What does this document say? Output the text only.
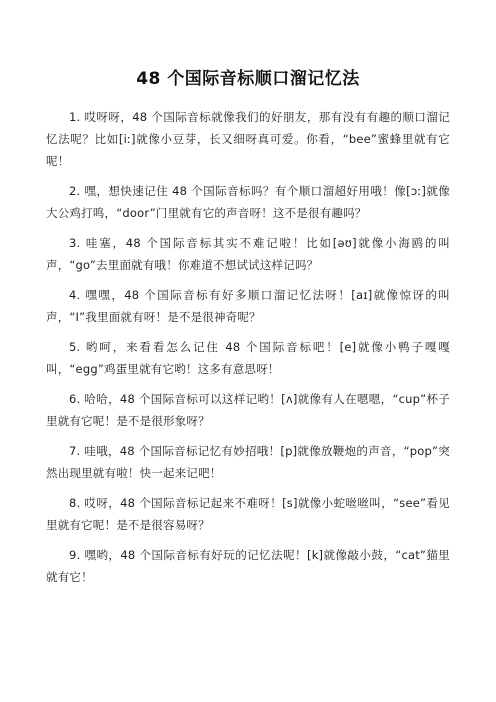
48 个国际音标顺口溜记忆法

1. 哎呀呀，48 个国际音标就像我们的好朋友，那有没有有趣的顺口溜记忆法呢？比如[iː]就像小豆芽，长又细呀真可爱。你看，“bee”蜜蜂里就有它呢！

2. 嘿，想快速记住 48 个国际音标吗？有个顺口溜超好用哦！像[ɔː]就像大公鸡打鸣，“door”门里就有它的声音呀！这不是很有趣吗？

3. 哇塞，48 个国际音标其实不难记啦！比如[əʊ]就像小海鸥的叫声，“go”去里面就有哦！你难道不想试试这样记吗？

4. 嘿嘿，48 个国际音标有好多顺口溜记忆法呀！[aɪ]就像惊讶的叫声，“I”我里面就有呀！是不是很神奇呢？

5. 哟呵，来看看怎么记住 48 个国际音标吧！[e]就像小鸭子嘎嘎叫，“egg”鸡蛋里就有它哟！这多有意思呀！

6. 哈哈，48 个国际音标可以这样记哟！[ʌ]就像有人在嗯嗯，“cup”杯子里就有它呢！是不是很形象呀？

7. 哇哦，48 个国际音标记忆有妙招哦！[p]就像放鞭炮的声音，“pop”突然出现里就有啦！快一起来记吧！

8. 哎呀，48 个国际音标记起来不难呀！[s]就像小蛇咝咝叫，“see”看见里就有它呢！是不是很容易呀？

9. 嘿哟，48 个国际音标有好玩的记忆法呢！[k]就像敲小鼓，“cat”猫里就有它！
